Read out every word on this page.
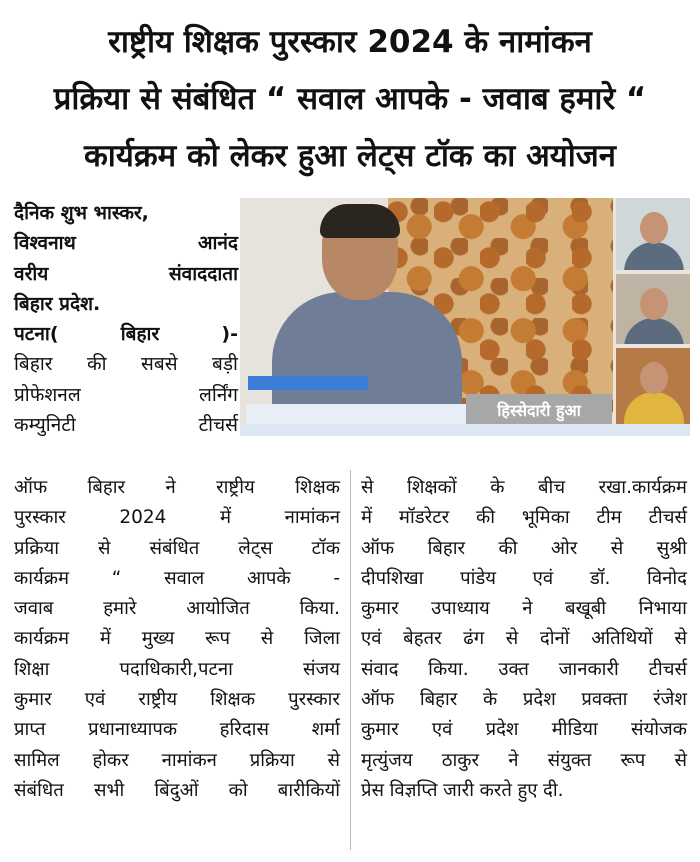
राष्ट्रीय शिक्षक पुरस्कार 2024 के नामांकन
प्रक्रिया से संबंधित “ सवाल आपके - जवाब हमारे “
कार्यक्रम को लेकर हुआ लेट्स टॉक का अयोजन
दैनिक शुभ भास्कर,
विश्वनाथ	आनंद
वरीय	संवाददाता
बिहार प्रदेश.
पटना(	बिहार	)-
बिहार की सबसे बड़ी
प्रोफेशनल	लर्निंग
कम्युनिटी	टीचर्स
हिस्सेदारी हुआ
ऑफ बिहार ने राष्ट्रीय शिक्षक
पुरस्कार	2024	में	नामांकन
प्रक्रिया से संबंधित लेट्स टॉक
कार्यक्रम “ सवाल आपके -
जवाब	हमारे	आयोजित	किया.
कार्यक्रम में मुख्य रूप से जिला
शिक्षा	पदाधिकारी,पटना	संजय
कुमार एवं राष्ट्रीय शिक्षक पुरस्कार
प्राप्त प्रधानाध्यापक हरिदास शर्मा
सामिल होकर नामांकन प्रक्रिया से
संबंधित सभी बिंदुओं को बारीकियों
से शिक्षकों के बीच रखा.कार्यक्रम
में मॉडरेटर की भूमिका टीम टीचर्स
ऑफ बिहार की ओर से सुश्री
दीपशिखा पांडेय एवं डॉ. विनोद
कुमार उपाध्याय ने बखूबी निभाया
एवं बेहतर ढंग से दोनों अतिथियों से
संवाद किया. उक्त जानकारी टीचर्स
ऑफ बिहार के प्रदेश प्रवक्ता रंजेश
कुमार एवं प्रदेश मीडिया संयोजक
मृत्युंजय ठाकुर ने संयुक्त रूप से
प्रेस विज्ञप्ति जारी करते हुए दी.
